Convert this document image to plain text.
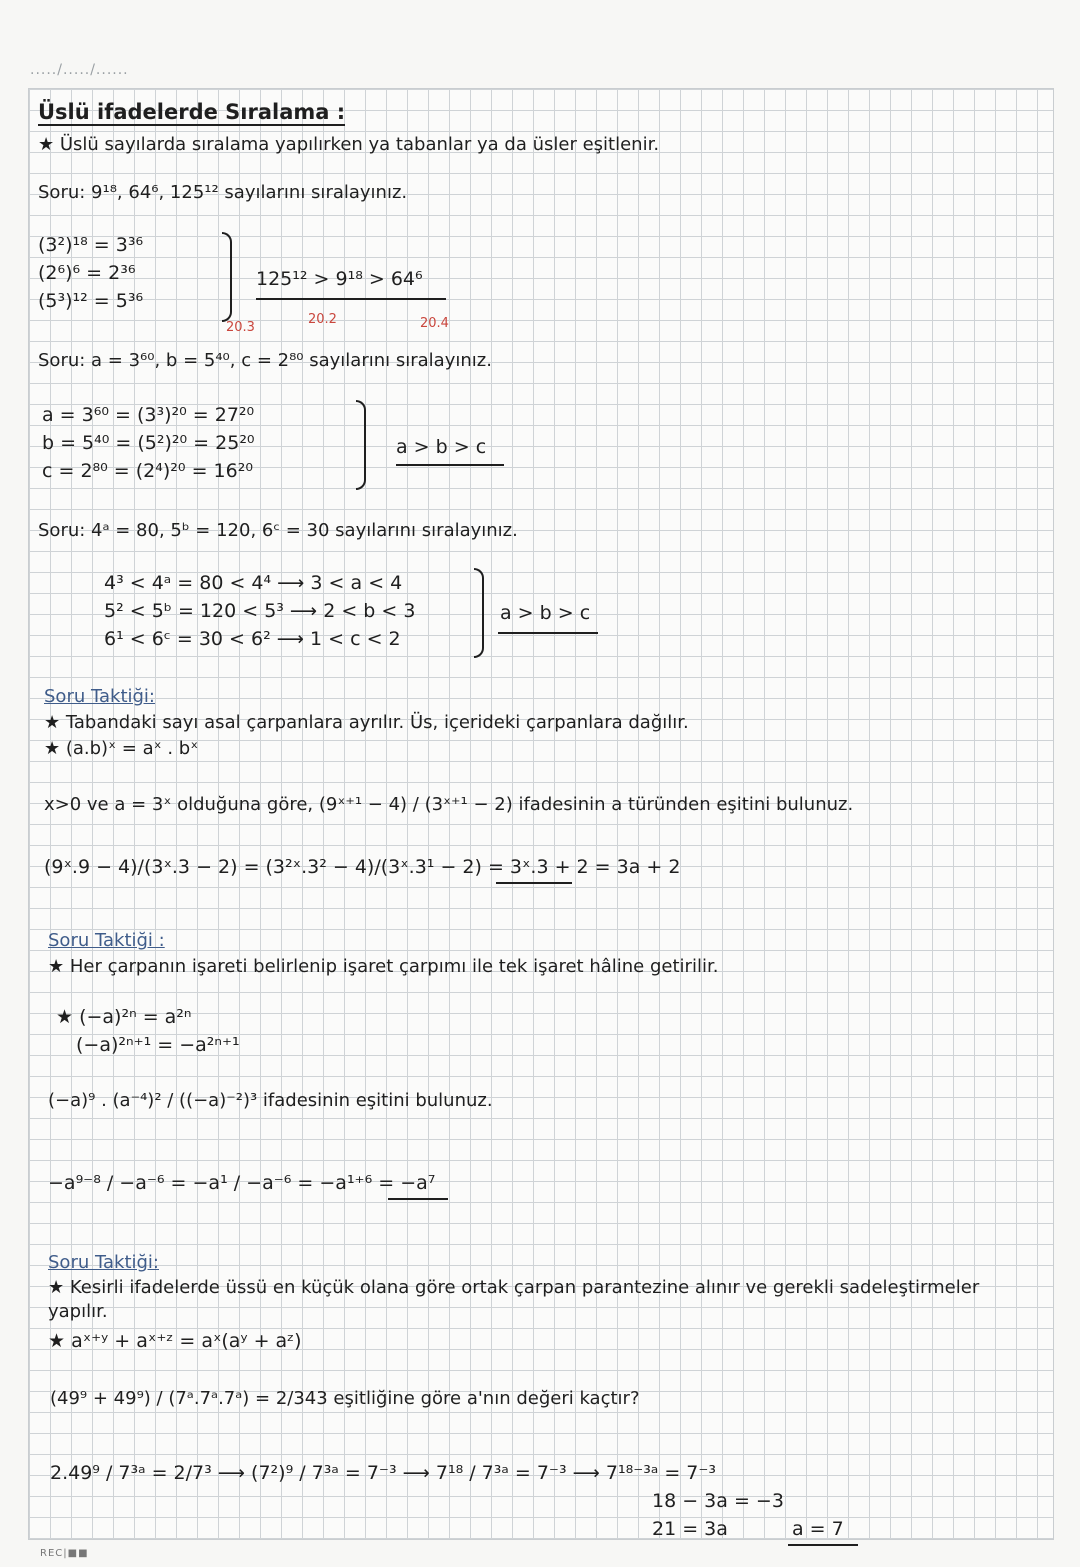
...../...../......
Üslü ifadelerde Sıralama :
★ Üslü sayılarda sıralama yapılırken ya tabanlar ya da üsler eşitlenir.
Soru: 9¹⁸, 64⁶, 125¹² sayılarını sıralayınız.
(3²)¹⁸ = 3³⁶
(2⁶)⁶ = 2³⁶
(5³)¹² = 5³⁶
125¹² > 9¹⁸ > 64⁶
20.3
20.2	20.4
Soru: a = 3⁶⁰, b = 5⁴⁰, c = 2⁸⁰ sayılarını sıralayınız.
a = 3⁶⁰ = (3³)²⁰ = 27²⁰
b = 5⁴⁰ = (5²)²⁰ = 25²⁰
c = 2⁸⁰ = (2⁴)²⁰ = 16²⁰
a > b > c
Soru: 4ᵃ = 80, 5ᵇ = 120, 6ᶜ = 30 sayılarını sıralayınız.
4³ < 4ᵃ = 80 < 4⁴ ⟶ 3 < a < 4
5² < 5ᵇ = 120 < 5³ ⟶ 2 < b < 3
6¹ < 6ᶜ = 30 < 6² ⟶ 1 < c < 2
a > b > c
Soru Taktiği:
★ Tabandaki sayı asal çarpanlara ayrılır. Üs, içerideki çarpanlara dağılır.
★ (a.b)ˣ = aˣ . bˣ
x>0 ve a = 3ˣ olduğuna göre, (9ˣ⁺¹ − 4) / (3ˣ⁺¹ − 2) ifadesinin a türünden eşitini bulunuz.
(9ˣ.9 − 4)/(3ˣ.3 − 2) = (3²ˣ.3² − 4)/(3ˣ.3¹ − 2) = 3ˣ.3 + 2 = 3a + 2
Soru Taktiği :
★ Her çarpanın işareti belirlenip işaret çarpımı ile tek işaret hâline getirilir.
★ (−a)²ⁿ = a²ⁿ
(−a)²ⁿ⁺¹ = −a²ⁿ⁺¹
(−a)⁹ . (a⁻⁴)² / ((−a)⁻²)³ ifadesinin eşitini bulunuz.
−a⁹⁻⁸ / −a⁻⁶ = −a¹ / −a⁻⁶ = −a¹⁺⁶ = −a⁷
Soru Taktiği:
★ Kesirli ifadelerde üssü en küçük olana göre ortak çarpan parantezine alınır ve gerekli sadeleştirmeler yapılır.
★ aˣ⁺ʸ + aˣ⁺ᶻ = aˣ(aʸ + aᶻ)
(49⁹ + 49⁹) / (7ᵃ.7ᵃ.7ᵃ) = 2/343 eşitliğine göre a'nın değeri kaçtır?
2.49⁹ / 7³ᵃ = 2/7³ ⟶ (7²)⁹ / 7³ᵃ = 7⁻³ ⟶ 7¹⁸ / 7³ᵃ = 7⁻³ ⟶ 7¹⁸⁻³ᵃ = 7⁻³
18 − 3a = −3
21 = 3a	a = 7
REC|■■
